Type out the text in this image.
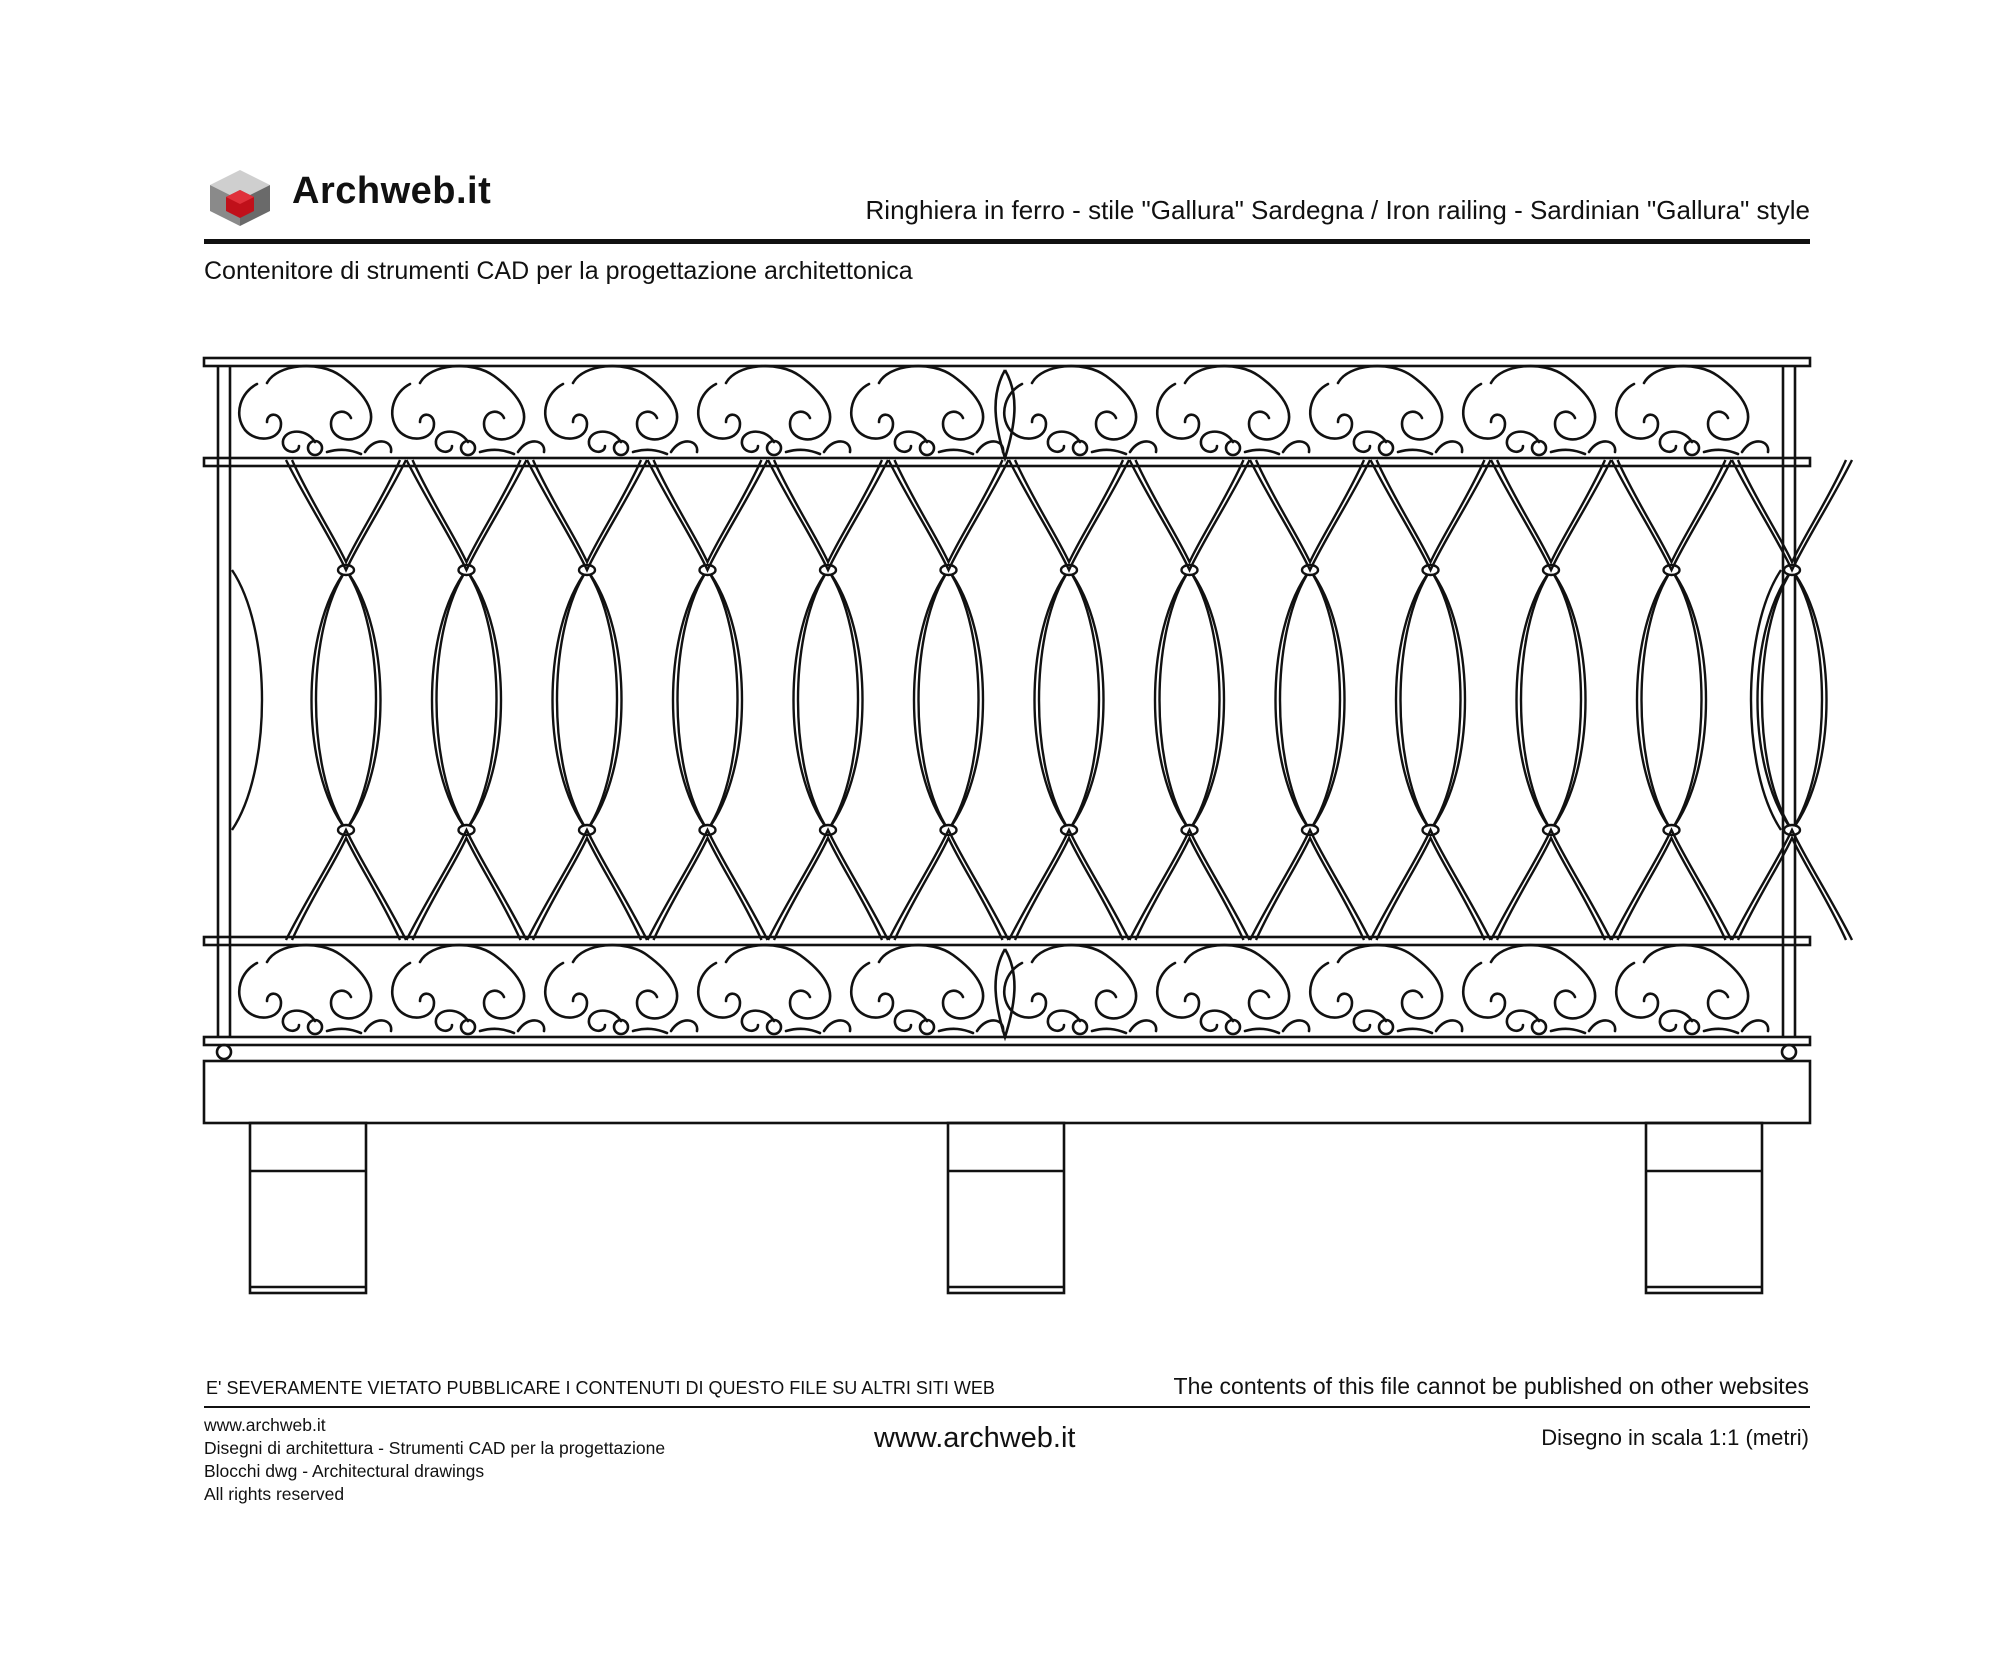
Archweb.it	Ringhiera in ferro - stile "Gallura" Sardegna / Iron railing - Sardinian "Gallura" style
Contenitore di strumenti CAD per la progettazione architettonica
E' SEVERAMENTE VIETATO PUBBLICARE I CONTENUTI DI QUESTO FILE SU ALTRI SITI WEB	The contents of this file cannot be published on other websites
www.archweb.it
Disegni di architettura - Strumenti CAD per la progettazione
Blocchi dwg - Architectural drawings
All rights reserved
www.archweb.it	Disegno in scala 1:1 (metri)
